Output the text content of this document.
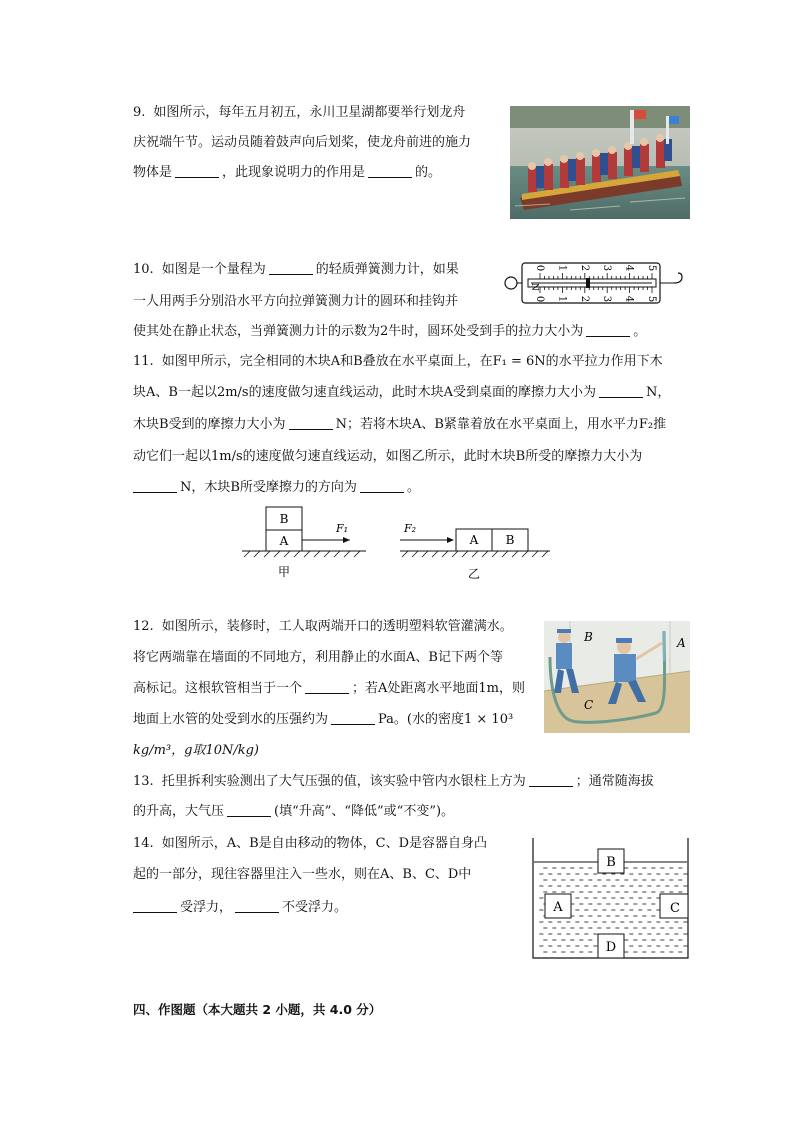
9. 如图所示，每年五月初五，永川卫星湖都要举行划龙舟
庆祝端午节。运动员随着鼓声向后划桨，使龙舟前进的施力
物体是	，此现象说明力的作用是	的。
10. 如图是一个量程为	的轻质弹簧测力计，如果
一人用两手分别沿水平方向拉弹簧测力计的圆环和挂钩并
使其处在静止状态，当弹簧测力计的示数为2牛时，圆环处受到手的拉力大小为	。
N
0
0
1
1
2
2
3
3
4
4
5
5
11. 如图甲所示，完全相同的木块A和B叠放在水平桌面上，在F₁ = 6N的水平拉力作用下木
块A、B一起以2m/s的速度做匀速直线运动，此时木块A受到桌面的摩擦力大小为	N，
木块B受到的摩擦力大小为	N；若将木块A、B紧靠着放在水平桌面上，用水平力F₂推
动它们一起以1m/s的速度做匀速直线运动，如图乙所示，此时木块B所受的摩擦力大小为
N，木块B所受摩擦力的方向为	。
B
A
F₁
甲
F₂
A B
乙
12. 如图所示，装修时，工人取两端开口的透明塑料软管灌满水。
将它两端靠在墙面的不同地方，利用静止的水面A、B记下两个等
高标记。这根软管相当于一个	；若A处距离水平地面1m，则
地面上水管的处受到水的压强约为	Pa。(水的密度1 × 10³
kg/m³，g取10N/kg)
B	A
C
13. 托里拆利实验测出了大气压强的值，该实验中管内水银柱上方为	；通常随海拔
的升高，大气压	(填“升高”、“降低”或“不变”)。
14. 如图所示，A、B是自由移动的物体，C、D是容器自身凸
起的一部分，现往容器里注入一些水，则在A、B、C、D中
受浮力，	不受浮力。
B
A	C
D
四、作图题（本大题共 2 小题，共 4.0 分）
